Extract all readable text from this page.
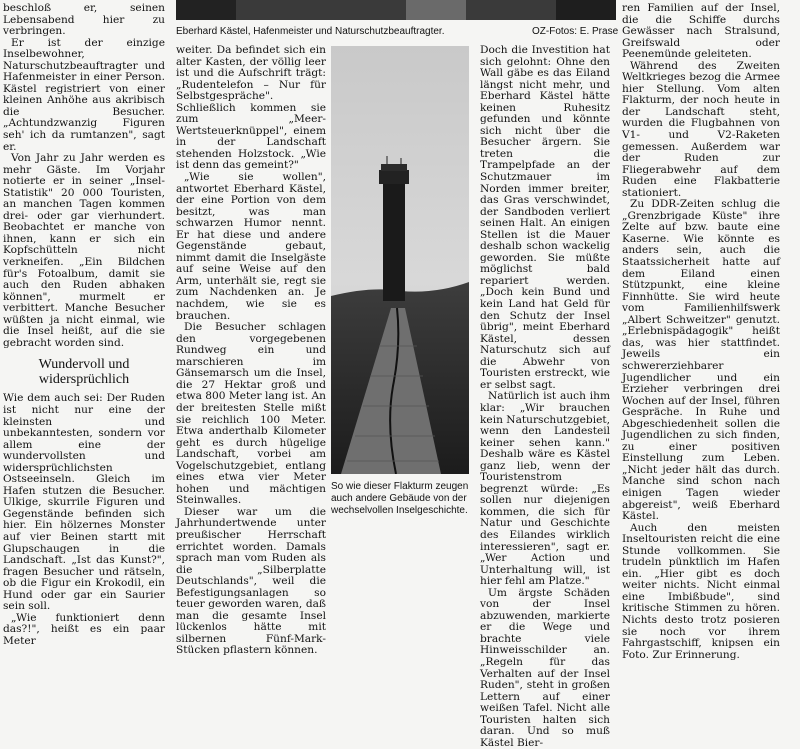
beschloß er, seinen Lebensabend hier zu verbringen.

Er ist der einzige Inselbewohner, Naturschutzbeauftragter und Hafenmeister in einer Person. Kästel registriert von einer kleinen Anhöhe aus akribisch die Besucher. „Achtundzwanzig Figuren seh' ich da rumtanzen", sagt er.

Von Jahr zu Jahr werden es mehr Gäste. Im Vorjahr notierte er in seiner „Insel-Statistik" 20 000 Touristen, an manchen Tagen kommen drei- oder gar vierhundert. Beobachtet er manche von ihnen, kann er sich ein Kopfschütteln nicht verkneifen. „Ein Bildchen für's Fotoalbum, damit sie auch den Ruden abhaken können", murmelt er verbittert. Manche Besucher wüßten ja nicht einmal, wie die Insel heißt, auf die sie gebracht worden sind.

Wundervoll und
widersprüchlich

Wie dem auch sei: Der Ruden ist nicht nur eine der kleinsten und unbekanntesten, sondern vor allem eine der wundervollsten und widersprüchlichsten Ostseeinseln. Gleich im Hafen stutzen die Besucher. Ulkige, skurrile Figuren und Gegenstände befinden sich hier. Ein hölzernes Monster auf vier Beinen startt mit Glupschaugen in die Landschaft. „Ist das Kunst?", fragen Besucher und rätseln, ob die Figur ein Krokodil, ein Hund oder gar ein Saurier sein soll.

„Wie funktioniert denn das?!", heißt es ein paar Meter

Eberhard Kästel, Hafenmeister und Naturschutzbeauftragter.	OZ-Fotos: E. Prase

weiter. Da befindet sich ein alter Kasten, der völlig leer ist und die Aufschrift trägt: „Rudentelefon – Nur für Selbstgespräche". Schließlich kommen sie zum „Meer-Wertsteuerknüppel", einem in der Landschaft stehenden Holzstock. „Wie ist denn das gemeint?"

„Wie sie wollen", antwortet Eberhard Kästel, der eine Portion von dem besitzt, was man schwarzen Humor nennt. Er hat diese und andere Gegenstände gebaut, nimmt damit die Inselgäste auf seine Weise auf den Arm, unterhält sie, regt sie zum Nachdenken an. Je nachdem, wie sie es brauchen.

Die Besucher schlagen den vorgegebenen Rundweg ein und marschieren im Gänsemarsch um die Insel, die 27 Hektar groß und etwa 800 Meter lang ist. An der breitesten Stelle mißt sie reichlich 100 Meter. Etwa anderthalb Kilometer geht es durch hügelige Landschaft, vorbei am Vogelschutzgebiet, entlang eines etwa vier Meter hohen und mächtigen Steinwalles.

Dieser war um die Jahrhundertwende unter preußischer Herrschaft errichtet worden. Damals sprach man vom Ruden als die „Silberplatte Deutschlands", weil die Befestigungsanlagen so teuer geworden waren, daß man die gesamte Insel lückenlos hätte mit silbernen Fünf-Mark-Stücken pflastern können.

So wie dieser Flakturm zeugen auch andere Gebäude von der wechselvollen Inselgeschichte.

Doch die Investition hat sich gelohnt: Ohne den Wall gäbe es das Eiland längst nicht mehr, und Eberhard Kästel hätte keinen Ruhesitz gefunden und könnte sich nicht über die Besucher ärgern. Sie treten die Trampelpfade an der Schutzmauer im Norden immer breiter, das Gras verschwindet, der Sandboden verliert seinen Halt. An einigen Stellen ist die Mauer deshalb schon wackelig geworden. Sie müßte möglichst bald repariert werden. „Doch kein Bund und kein Land hat Geld für den Schutz der Insel übrig", meint Eberhard Kästel, dessen Naturschutz sich auf die Abwehr von Touristen erstreckt, wie er selbst sagt.

Natürlich ist auch ihm klar: „Wir brauchen kein Naturschutzgebiet, wenn den Landesteil keiner sehen kann." Deshalb wäre es Kästel ganz lieb, wenn der Touristenstrom begrenzt würde: „Es sollen nur diejenigen kommen, die sich für Natur und Geschichte des Eilandes wirklich interessieren", sagt er. „Wer Action und Unterhaltung will, ist hier fehl am Platze."

Um ärgste Schäden von der Insel abzuwenden, markierte er die Wege und brachte viele Hinweisschilder an. „Regeln für das Verhalten auf der Insel Ruden", steht in großen Lettern auf einer weißen Tafel. Nicht alle Touristen halten sich daran. Und so muß Kästel Bier-

ren Familien auf der Insel, die die Schiffe durchs Gewässer nach Stralsund, Greifswald oder Peenemünde geleiteten.

Während des Zweiten Weltkrieges bezog die Armee hier Stellung. Vom alten Flakturm, der noch heute in der Landschaft steht, wurden die Flugbahnen von V1- und V2-Raketen gemessen. Außerdem war der Ruden zur Fliegerabwehr auf dem Ruden eine Flakbatterie stationiert.

Zu DDR-Zeiten schlug die „Grenzbrigade Küste" ihre Zelte auf bzw. baute eine Kaserne. Wie könnte es anders sein, auch die Staatssicherheit hatte auf dem Eiland einen Stützpunkt, eine kleine Finnhütte. Sie wird heute vom Familienhilfswerk „Albert Schweitzer" genutzt. „Erlebnispädagogik" heißt das, was hier stattfindet. Jeweils ein schwererziehbarer Jugendlicher und ein Erzieher verbringen drei Wochen auf der Insel, führen Gespräche. In Ruhe und Abgeschiedenheit sollen die Jugendlichen zu sich finden, zu einer positiven Einstellung zum Leben. „Nicht jeder hält das durch. Manche sind schon nach einigen Tagen wieder abgereist", weiß Eberhard Kästel.

Auch den meisten Inseltouristen reicht die eine Stunde vollkommen. Sie trudeln pünktlich im Hafen ein. „Hier gibt es doch weiter nichts. Nicht einmal eine Imbißbude", sind kritische Stimmen zu hören. Nichts desto trotz posieren sie noch vor ihrem Fahrgastschiff, knipsen ein Foto. Zur Erinnerung.
